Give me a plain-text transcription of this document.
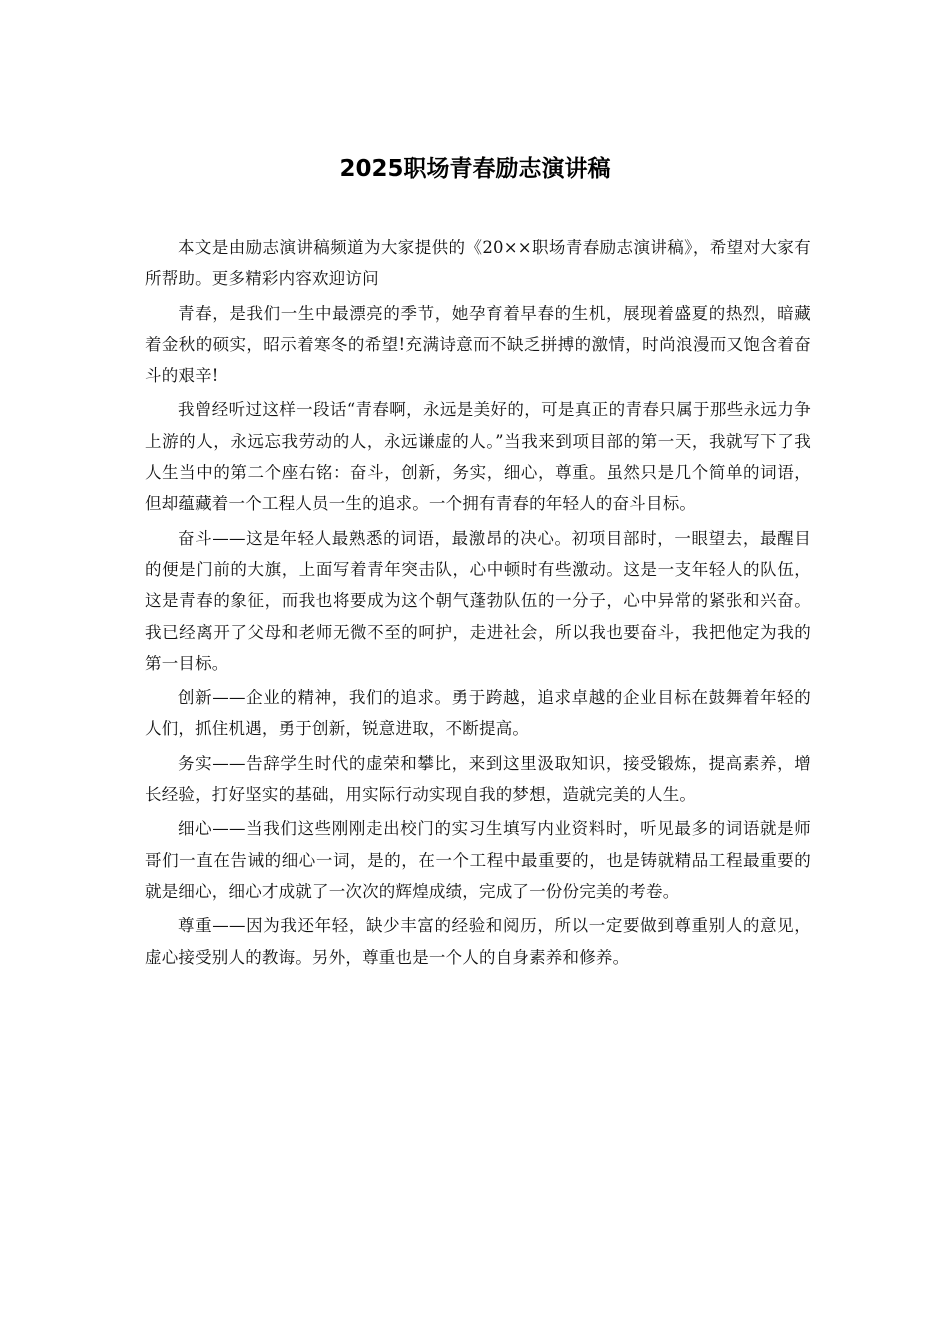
2025职场青春励志演讲稿

本文是由励志演讲稿频道为大家提供的《20××职场青春励志演讲稿》，希望对大家有所帮助。更多精彩内容欢迎访问

青春，是我们一生中最漂亮的季节，她孕育着早春的生机，展现着盛夏的热烈，暗藏着金秋的硕实，昭示着寒冬的希望!充满诗意而不缺乏拼搏的激情，时尚浪漫而又饱含着奋斗的艰辛!

我曾经听过这样一段话“青春啊，永远是美好的，可是真正的青春只属于那些永远力争上游的人，永远忘我劳动的人，永远谦虚的人。”当我来到项目部的第一天，我就写下了我人生当中的第二个座右铭：奋斗，创新，务实，细心，尊重。虽然只是几个简单的词语，但却蕴藏着一个工程人员一生的追求。一个拥有青春的年轻人的奋斗目标。

奋斗——这是年轻人最熟悉的词语，最激昂的决心。初项目部时，一眼望去，最醒目的便是门前的大旗，上面写着青年突击队，心中顿时有些激动。这是一支年轻人的队伍，这是青春的象征，而我也将要成为这个朝气蓬勃队伍的一分子，心中异常的紧张和兴奋。我已经离开了父母和老师无微不至的呵护，走进社会，所以我也要奋斗，我把他定为我的第一目标。

创新——企业的精神，我们的追求。勇于跨越，追求卓越的企业目标在鼓舞着年轻的人们，抓住机遇，勇于创新，锐意进取，不断提高。

务实——告辞学生时代的虚荣和攀比，来到这里汲取知识，接受锻炼，提高素养，增长经验，打好坚实的基础，用实际行动实现自我的梦想，造就完美的人生。

细心——当我们这些刚刚走出校门的实习生填写内业资料时，听见最多的词语就是师哥们一直在告诫的细心一词，是的，在一个工程中最重要的，也是铸就精品工程最重要的就是细心，细心才成就了一次次的辉煌成绩，完成了一份份完美的考卷。

尊重——因为我还年轻，缺少丰富的经验和阅历，所以一定要做到尊重别人的意见，虚心接受别人的教诲。另外，尊重也是一个人的自身素养和修养。
